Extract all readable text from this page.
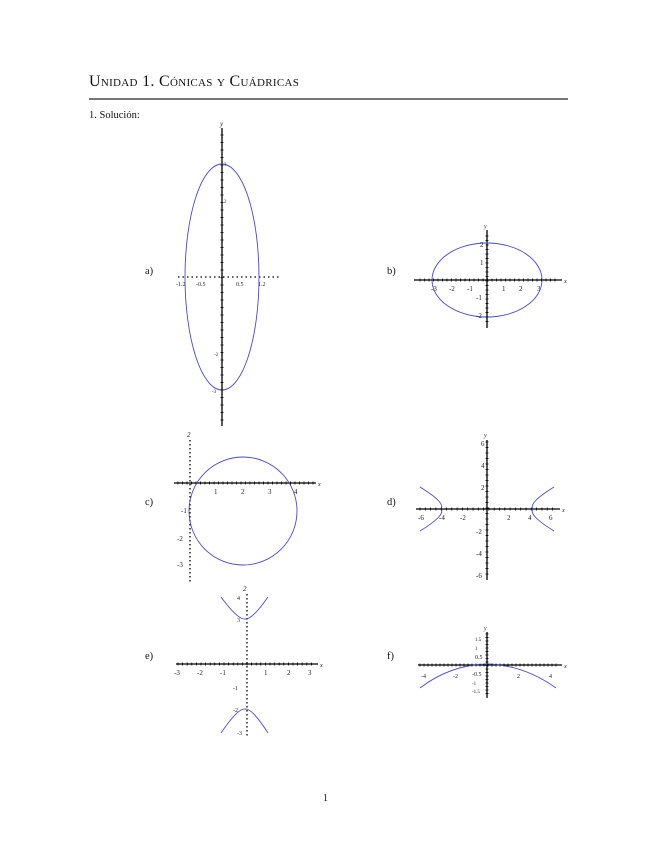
Unidad 1. Cónicas y Cuádricas
1. Solución:
a)	b)
c)	d)
e)	f)
y
-1.2 -0.5	0.5 1.2
3
2
-3
-2
x
y
-3 -2 -1	1 2 3
2
1
-1
-2
x
2
1	2	3	4
-1
-2
-3
x
y
-6 -4 -2	2	4	6
6
4
2
-2
-4
-6
x
2
-3 -2 -1	1	2	3
4
3
-1
-2
-3
x
y
-4	-2	2	4
1.5
1
0.5
-0.5
-1
-1.5
1
